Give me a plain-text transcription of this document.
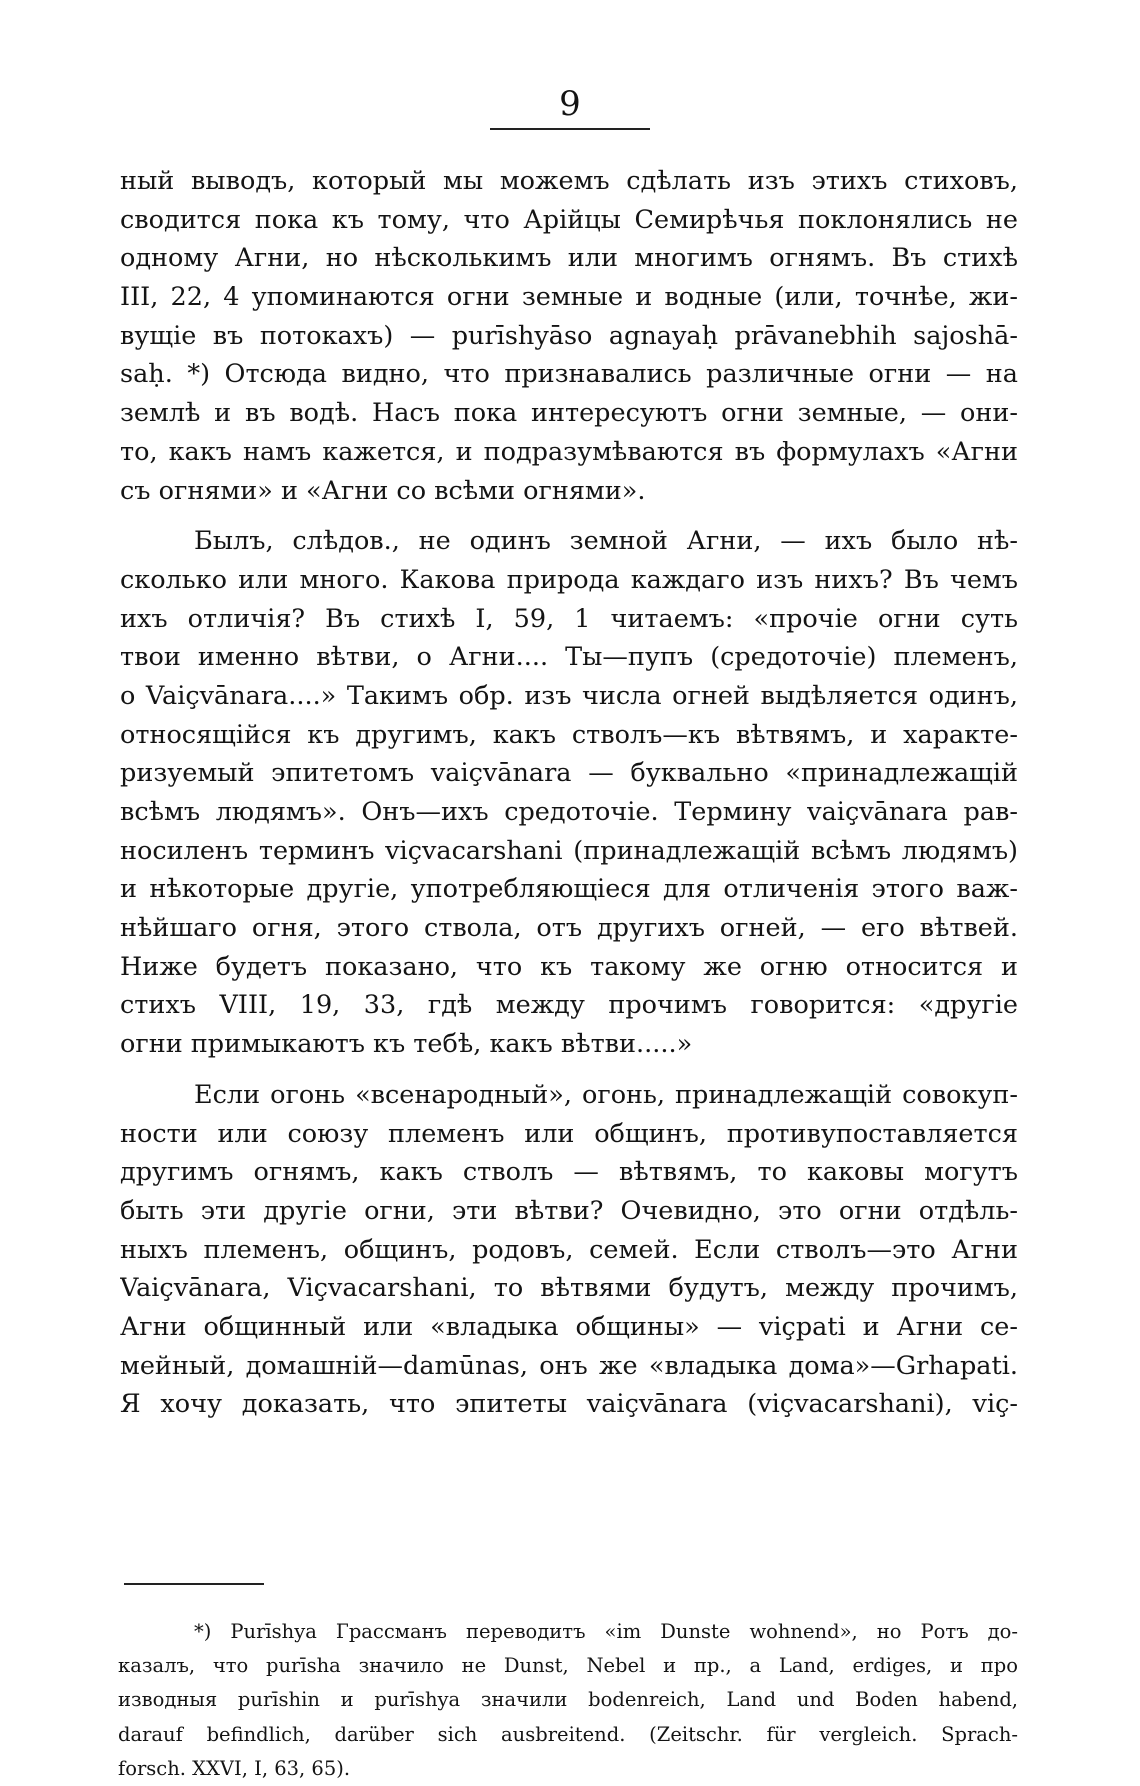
9
ный выводъ, который мы можемъ сдѣлать изъ этихъ стиховъ,
сводится пока къ тому, что Арійцы Семирѣчья поклонялись не
одному Агни, но нѣсколькимъ или многимъ огнямъ. Въ стихѣ
III, 22, 4 упоминаются огни земные и водные (или, точнѣе, жи-
вущіе въ потокахъ) — purīshyāso agnayaḥ prāvanebhih sajoshā-
saḥ. *) Отсюда видно, что признавались различные огни — на
землѣ и въ водѣ. Насъ пока интересуютъ огни земные, — они-
то, какъ намъ кажется, и подразумѣваются въ формулахъ «Агни
съ огнями» и «Агни со всѣми огнями».
Былъ, слѣдов., не одинъ земной Агни, — ихъ было нѣ-
сколько или много. Какова природа каждаго изъ нихъ? Въ чемъ
ихъ отличія? Въ стихѣ I, 59, 1 читаемъ: «прочіе огни суть
твои именно вѣтви, о Агни.... Ты—пупъ (средоточіе) племенъ,
о Vaiçvānara....» Такимъ обр. изъ числа огней выдѣляется одинъ,
относящійся къ другимъ, какъ стволъ—къ вѣтвямъ, и характе-
ризуемый эпитетомъ vaiçvānara — буквально «принадлежащій
всѣмъ людямъ». Онъ—ихъ средоточіе. Термину vaiçvānara рав-
носиленъ терминъ viçvacarshani (принадлежащій всѣмъ людямъ)
и нѣкоторые другіе, употребляющіеся для отличенія этого важ-
нѣйшаго огня, этого ствола, отъ другихъ огней, — его вѣтвей.
Ниже будетъ показано, что къ такому же огню относится и
стихъ VIII, 19, 33, гдѣ между прочимъ говорится: «другіе
огни примыкаютъ къ тебѣ, какъ вѣтви.....»
Если огонь «всенародный», огонь, принадлежащій совокуп-
ности или союзу племенъ или общинъ, противупоставляется
другимъ огнямъ, какъ стволъ — вѣтвямъ, то каковы могутъ
быть эти другіе огни, эти вѣтви? Очевидно, это огни отдѣль-
ныхъ племенъ, общинъ, родовъ, семей. Если стволъ—это Агни
Vaiçvānara, Viçvacarshani, то вѣтвями будутъ, между прочимъ,
Агни общинный или «владыка общины» — viçpati и Агни се-
мейный, домашній—damūnas, онъ же «владыка дома»—Grhapati.
Я хочу доказать, что эпитеты vaiçvānara (viçvacarshani), viç-
*) Purīshya Грассманъ переводитъ «im Dunste wohnend», но Ротъ до-
казалъ, что purīsha значило не Dunst, Nebel и пр., а Land, erdiges, и про
изводныя purīshin и purīshya значили bodenreich, Land und Boden habend,
darauf befindlich, darüber sich ausbreitend. (Zeitschr. für vergleich. Sprach-
forsch. XXVI, I, 63, 65).
